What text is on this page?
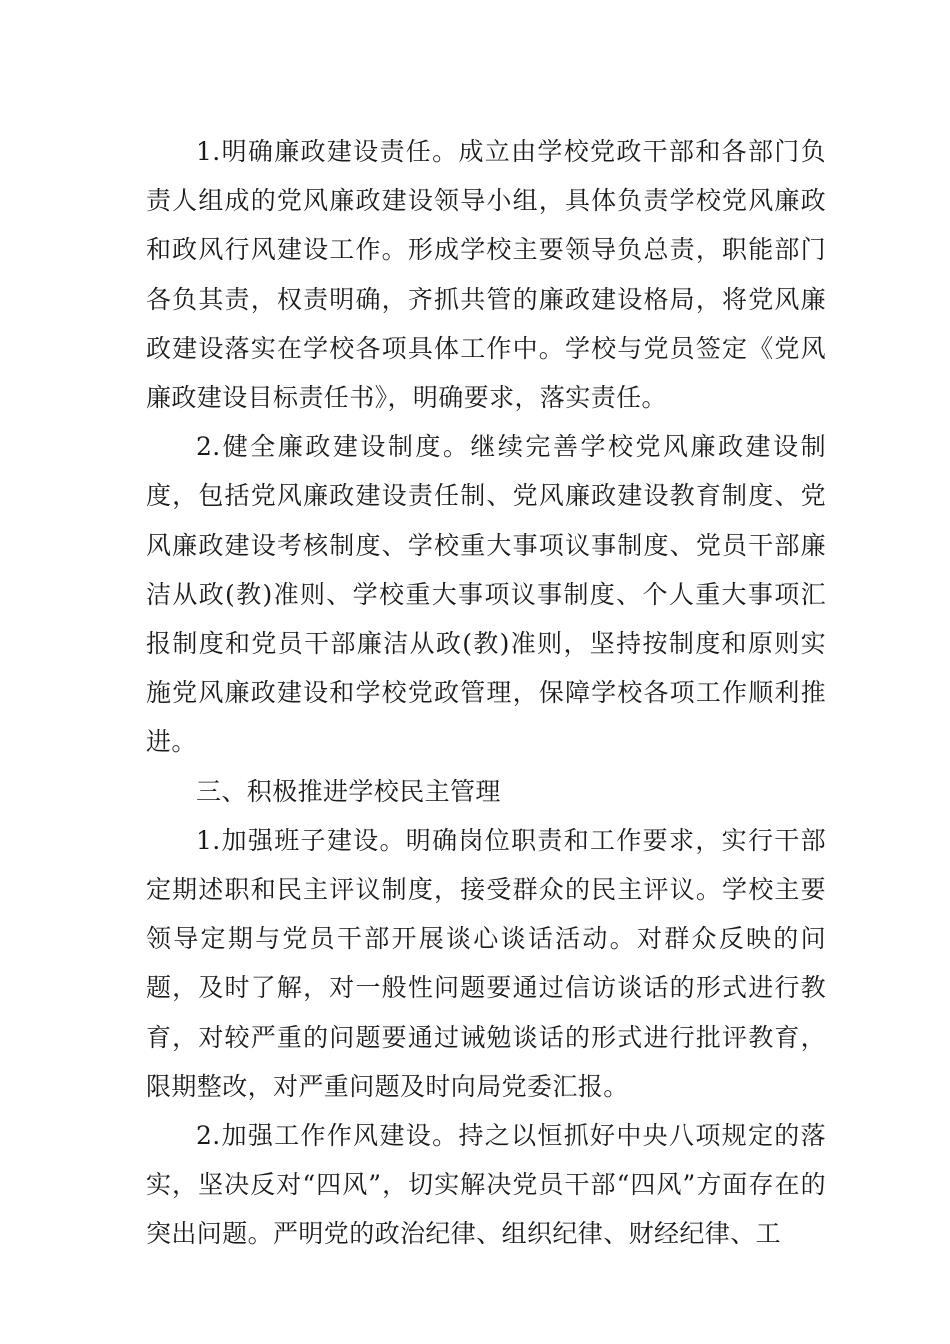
1.明确廉政建设责任。成立由学校党政干部和各部门负责人组成的党风廉政建设领导小组，具体负责学校党风廉政和政风行风建设工作。形成学校主要领导负总责，职能部门各负其责，权责明确，齐抓共管的廉政建设格局，将党风廉政建设落实在学校各项具体工作中。学校与党员签定《党风廉政建设目标责任书》，明确要求，落实责任。

2.健全廉政建设制度。继续完善学校党风廉政建设制度，包括党风廉政建设责任制、党风廉政建设教育制度、党风廉政建设考核制度、学校重大事项议事制度、党员干部廉洁从政(教)准则、学校重大事项议事制度、个人重大事项汇报制度和党员干部廉洁从政(教)准则，坚持按制度和原则实施党风廉政建设和学校党政管理，保障学校各项工作顺利推进。

三、积极推进学校民主管理

1.加强班子建设。明确岗位职责和工作要求，实行干部定期述职和民主评议制度，接受群众的民主评议。学校主要领导定期与党员干部开展谈心谈话活动。对群众反映的问题，及时了解，对一般性问题要通过信访谈话的形式进行教育，对较严重的问题要通过诫勉谈话的形式进行批评教育，限期整改，对严重问题及时向局党委汇报。

2.加强工作作风建设。持之以恒抓好中央八项规定的落实，坚决反对“四风”，切实解决党员干部“四风”方面存在的突出问题。严明党的政治纪律、组织纪律、财经纪律、工
